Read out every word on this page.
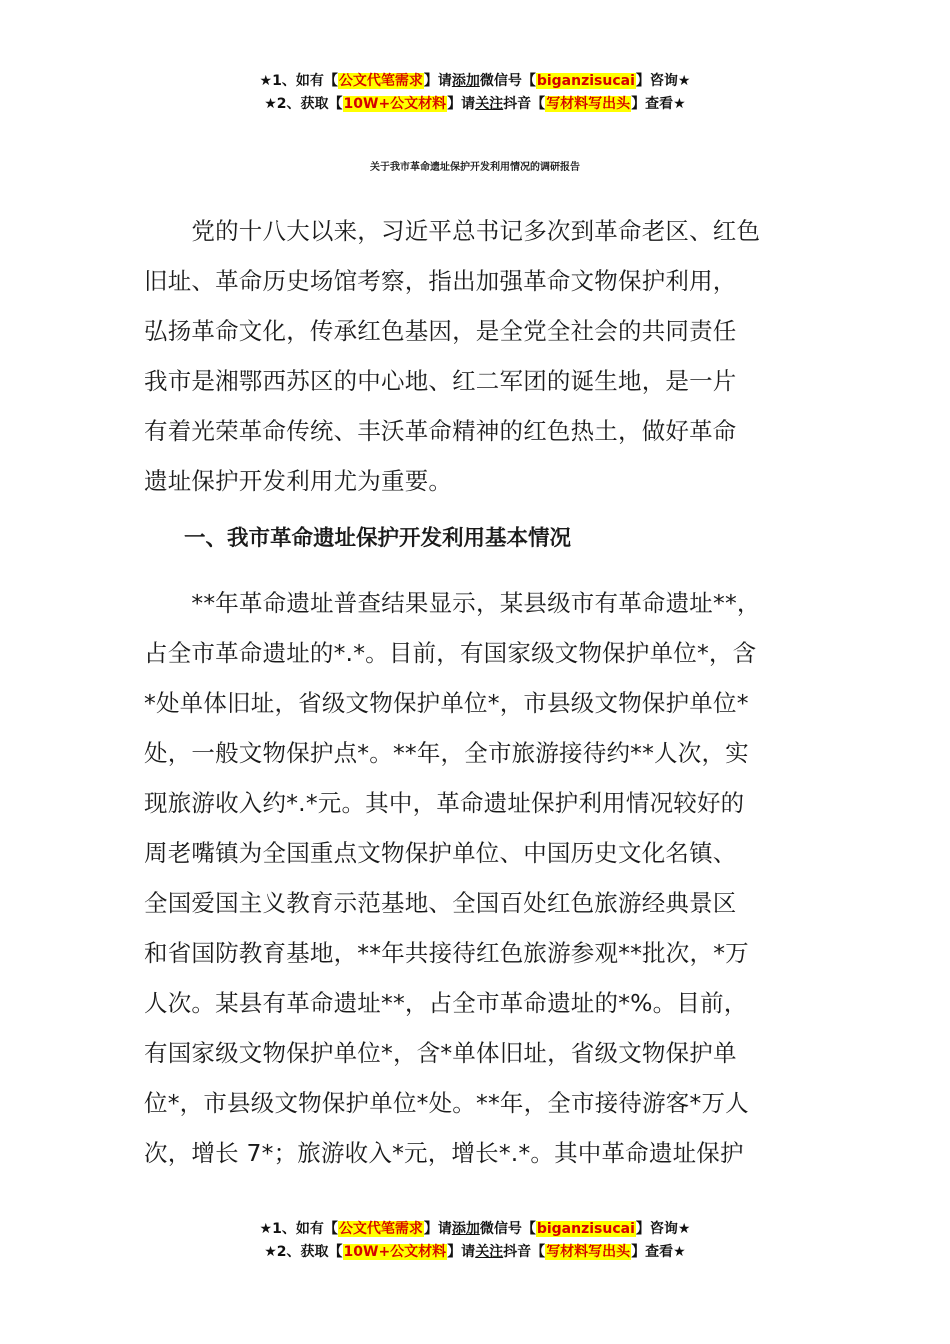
★1、如有【公文代笔需求】请添加微信号【biganzisucai】咨询★
★2、获取【10W+公文材料】请关注抖音【写材料写出头】查看★
关于我市革命遗址保护开发利用情况的调研报告
　　党的十八大以来，习近平总书记多次到革命老区、红色
旧址、革命历史场馆考察，指出加强革命文物保护利用，
弘扬革命文化，传承红色基因，是全党全社会的共同责任
我市是湘鄂西苏区的中心地、红二军团的诞生地，是一片
有着光荣革命传统、丰沃革命精神的红色热土，做好革命
遗址保护开发利用尤为重要。
一、我市革命遗址保护开发利用基本情况
　　**年革命遗址普查结果显示，某县级市有革命遗址**，
占全市革命遗址的*.*。目前，有国家级文物保护单位*，含
*处单体旧址，省级文物保护单位*，市县级文物保护单位*
处，一般文物保护点*。**年，全市旅游接待约**人次，实
现旅游收入约*.*元。其中，革命遗址保护利用情况较好的
周老嘴镇为全国重点文物保护单位、中国历史文化名镇、
全国爱国主义教育示范基地、全国百处红色旅游经典景区
和省国防教育基地，**年共接待红色旅游参观**批次，*万
人次。某县有革命遗址**，占全市革命遗址的*%。目前，
有国家级文物保护单位*，含*单体旧址，省级文物保护单
位*，市县级文物保护单位*处。**年，全市接待游客*万人
次，增长 7*；旅游收入*元，增长*.*。其中革命遗址保护
★1、如有【公文代笔需求】请添加微信号【biganzisucai】咨询★
★2、获取【10W+公文材料】请关注抖音【写材料写出头】查看★
